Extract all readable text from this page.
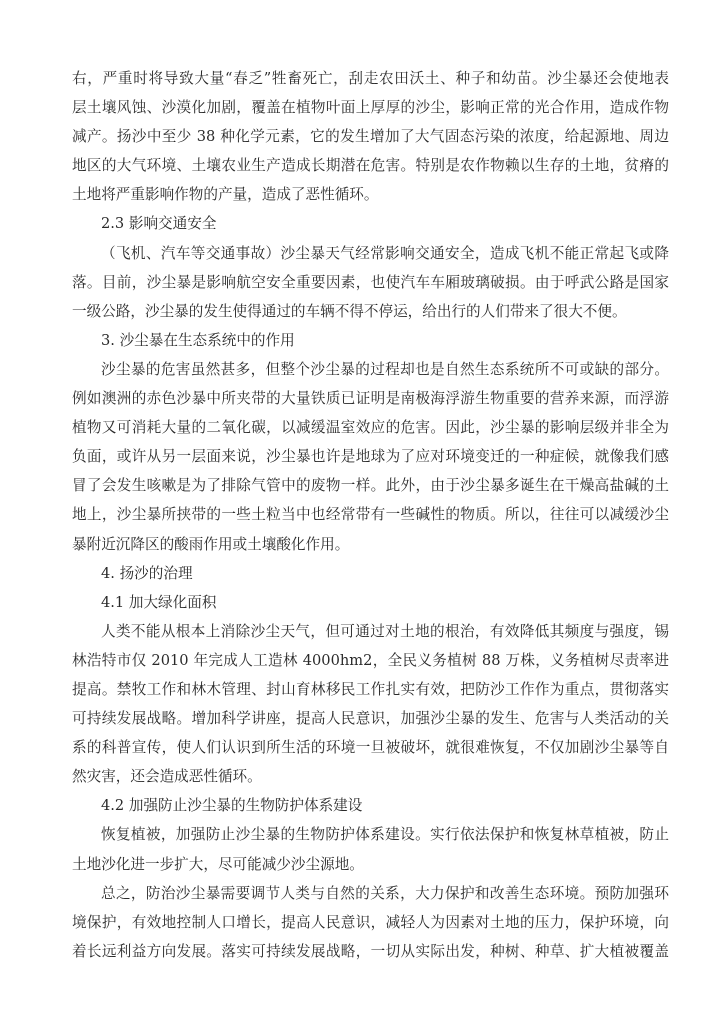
右，严重时将导致大量“春乏”牲畜死亡，刮走农田沃土、种子和幼苗。沙尘暴还会使地表
层土壤风蚀、沙漠化加剧，覆盖在植物叶面上厚厚的沙尘，影响正常的光合作用，造成作物
减产。扬沙中至少 38 种化学元素，它的发生增加了大气固态污染的浓度，给起源地、周边
地区的大气环境、土壤农业生产造成长期潜在危害。特别是农作物赖以生存的土地，贫瘠的
土地将严重影响作物的产量，造成了恶性循环。
2.3 影响交通安全
（飞机、汽车等交通事故）沙尘暴天气经常影响交通安全，造成飞机不能正常起飞或降
落。目前，沙尘暴是影响航空安全重要因素，也使汽车车厢玻璃破损。由于呼武公路是国家
一级公路，沙尘暴的发生使得通过的车辆不得不停运，给出行的人们带来了很大不便。
3. 沙尘暴在生态系统中的作用
沙尘暴的危害虽然甚多，但整个沙尘暴的过程却也是自然生态系统所不可或缺的部分。
例如澳洲的赤色沙暴中所夹带的大量铁质已证明是南极海浮游生物重要的营养来源，而浮游
植物又可消耗大量的二氧化碳，以减缓温室效应的危害。因此，沙尘暴的影响层级并非全为
负面，或许从另一层面来说，沙尘暴也许是地球为了应对环境变迁的一种症候，就像我们感
冒了会发生咳嗽是为了排除气管中的废物一样。此外，由于沙尘暴多诞生在干燥高盐碱的土
地上，沙尘暴所挟带的一些土粒当中也经常带有一些碱性的物质。所以，往往可以减缓沙尘
暴附近沉降区的酸雨作用或土壤酸化作用。
4. 扬沙的治理
4.1 加大绿化面积
人类不能从根本上消除沙尘天气，但可通过对土地的根治，有效降低其频度与强度，锡
林浩特市仅 2010 年完成人工造林 4000hm2，全民义务植树 88 万株，义务植树尽责率进
提高。禁牧工作和林木管理、封山育林移民工作扎实有效，把防沙工作作为重点，贯彻落实
可持续发展战略。增加科学讲座，提高人民意识，加强沙尘暴的发生、危害与人类活动的关
系的科普宣传，使人们认识到所生活的环境一旦被破坏，就很难恢复，不仅加剧沙尘暴等自
然灾害，还会造成恶性循环。
4.2 加强防止沙尘暴的生物防护体系建设
恢复植被，加强防止沙尘暴的生物防护体系建设。实行依法保护和恢复林草植被，防止
土地沙化进一步扩大，尽可能减少沙尘源地。
总之，防治沙尘暴需要调节人类与自然的关系，大力保护和改善生态环境。预防加强环
境保护，有效地控制人口增长，提高人民意识，减轻人为因素对土地的压力，保护环境，向
着长远利益方向发展。落实可持续发展战略，一切从实际出发，种树、种草、扩大植被覆盖
